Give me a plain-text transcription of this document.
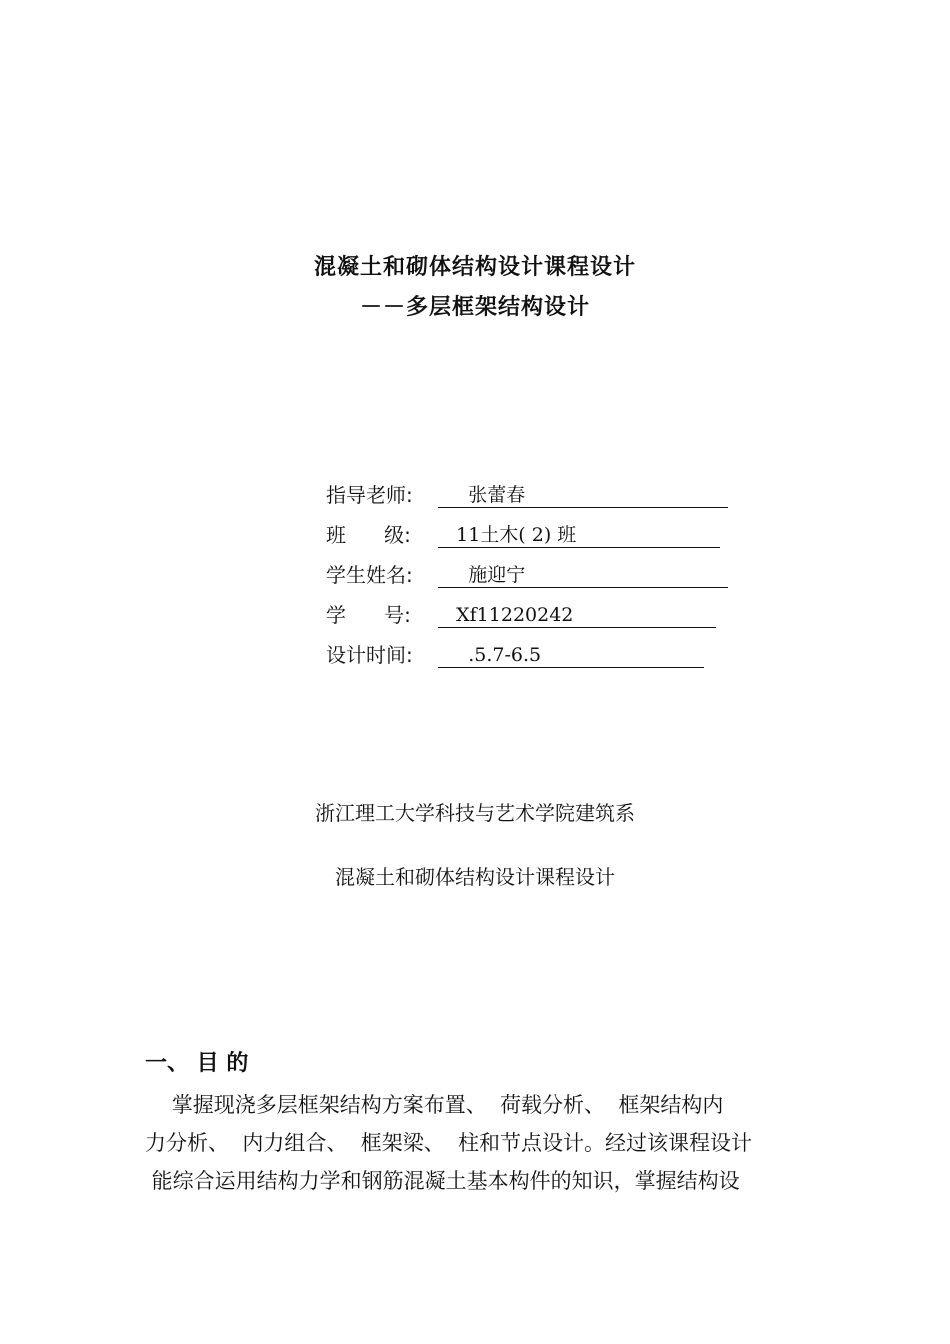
混凝土和砌体结构设计课程设计
－－多层框架结构设计
指导老师:	张蕾春
班      级:	11土木( 2) 班
学生姓名:	施迎宁
学      号:	Xf11220242
设计时间:	.5.7-6.5
浙江理工大学科技与艺术学院建筑系
混凝土和砌体结构设计课程设计
一、 目 的
掌握现浇多层框架结构方案布置、  荷载分析、  框架结构内
力分析、  内力组合、  框架梁、  柱和节点设计。经过该课程设计
能综合运用结构力学和钢筋混凝土基本构件的知识，掌握结构设
